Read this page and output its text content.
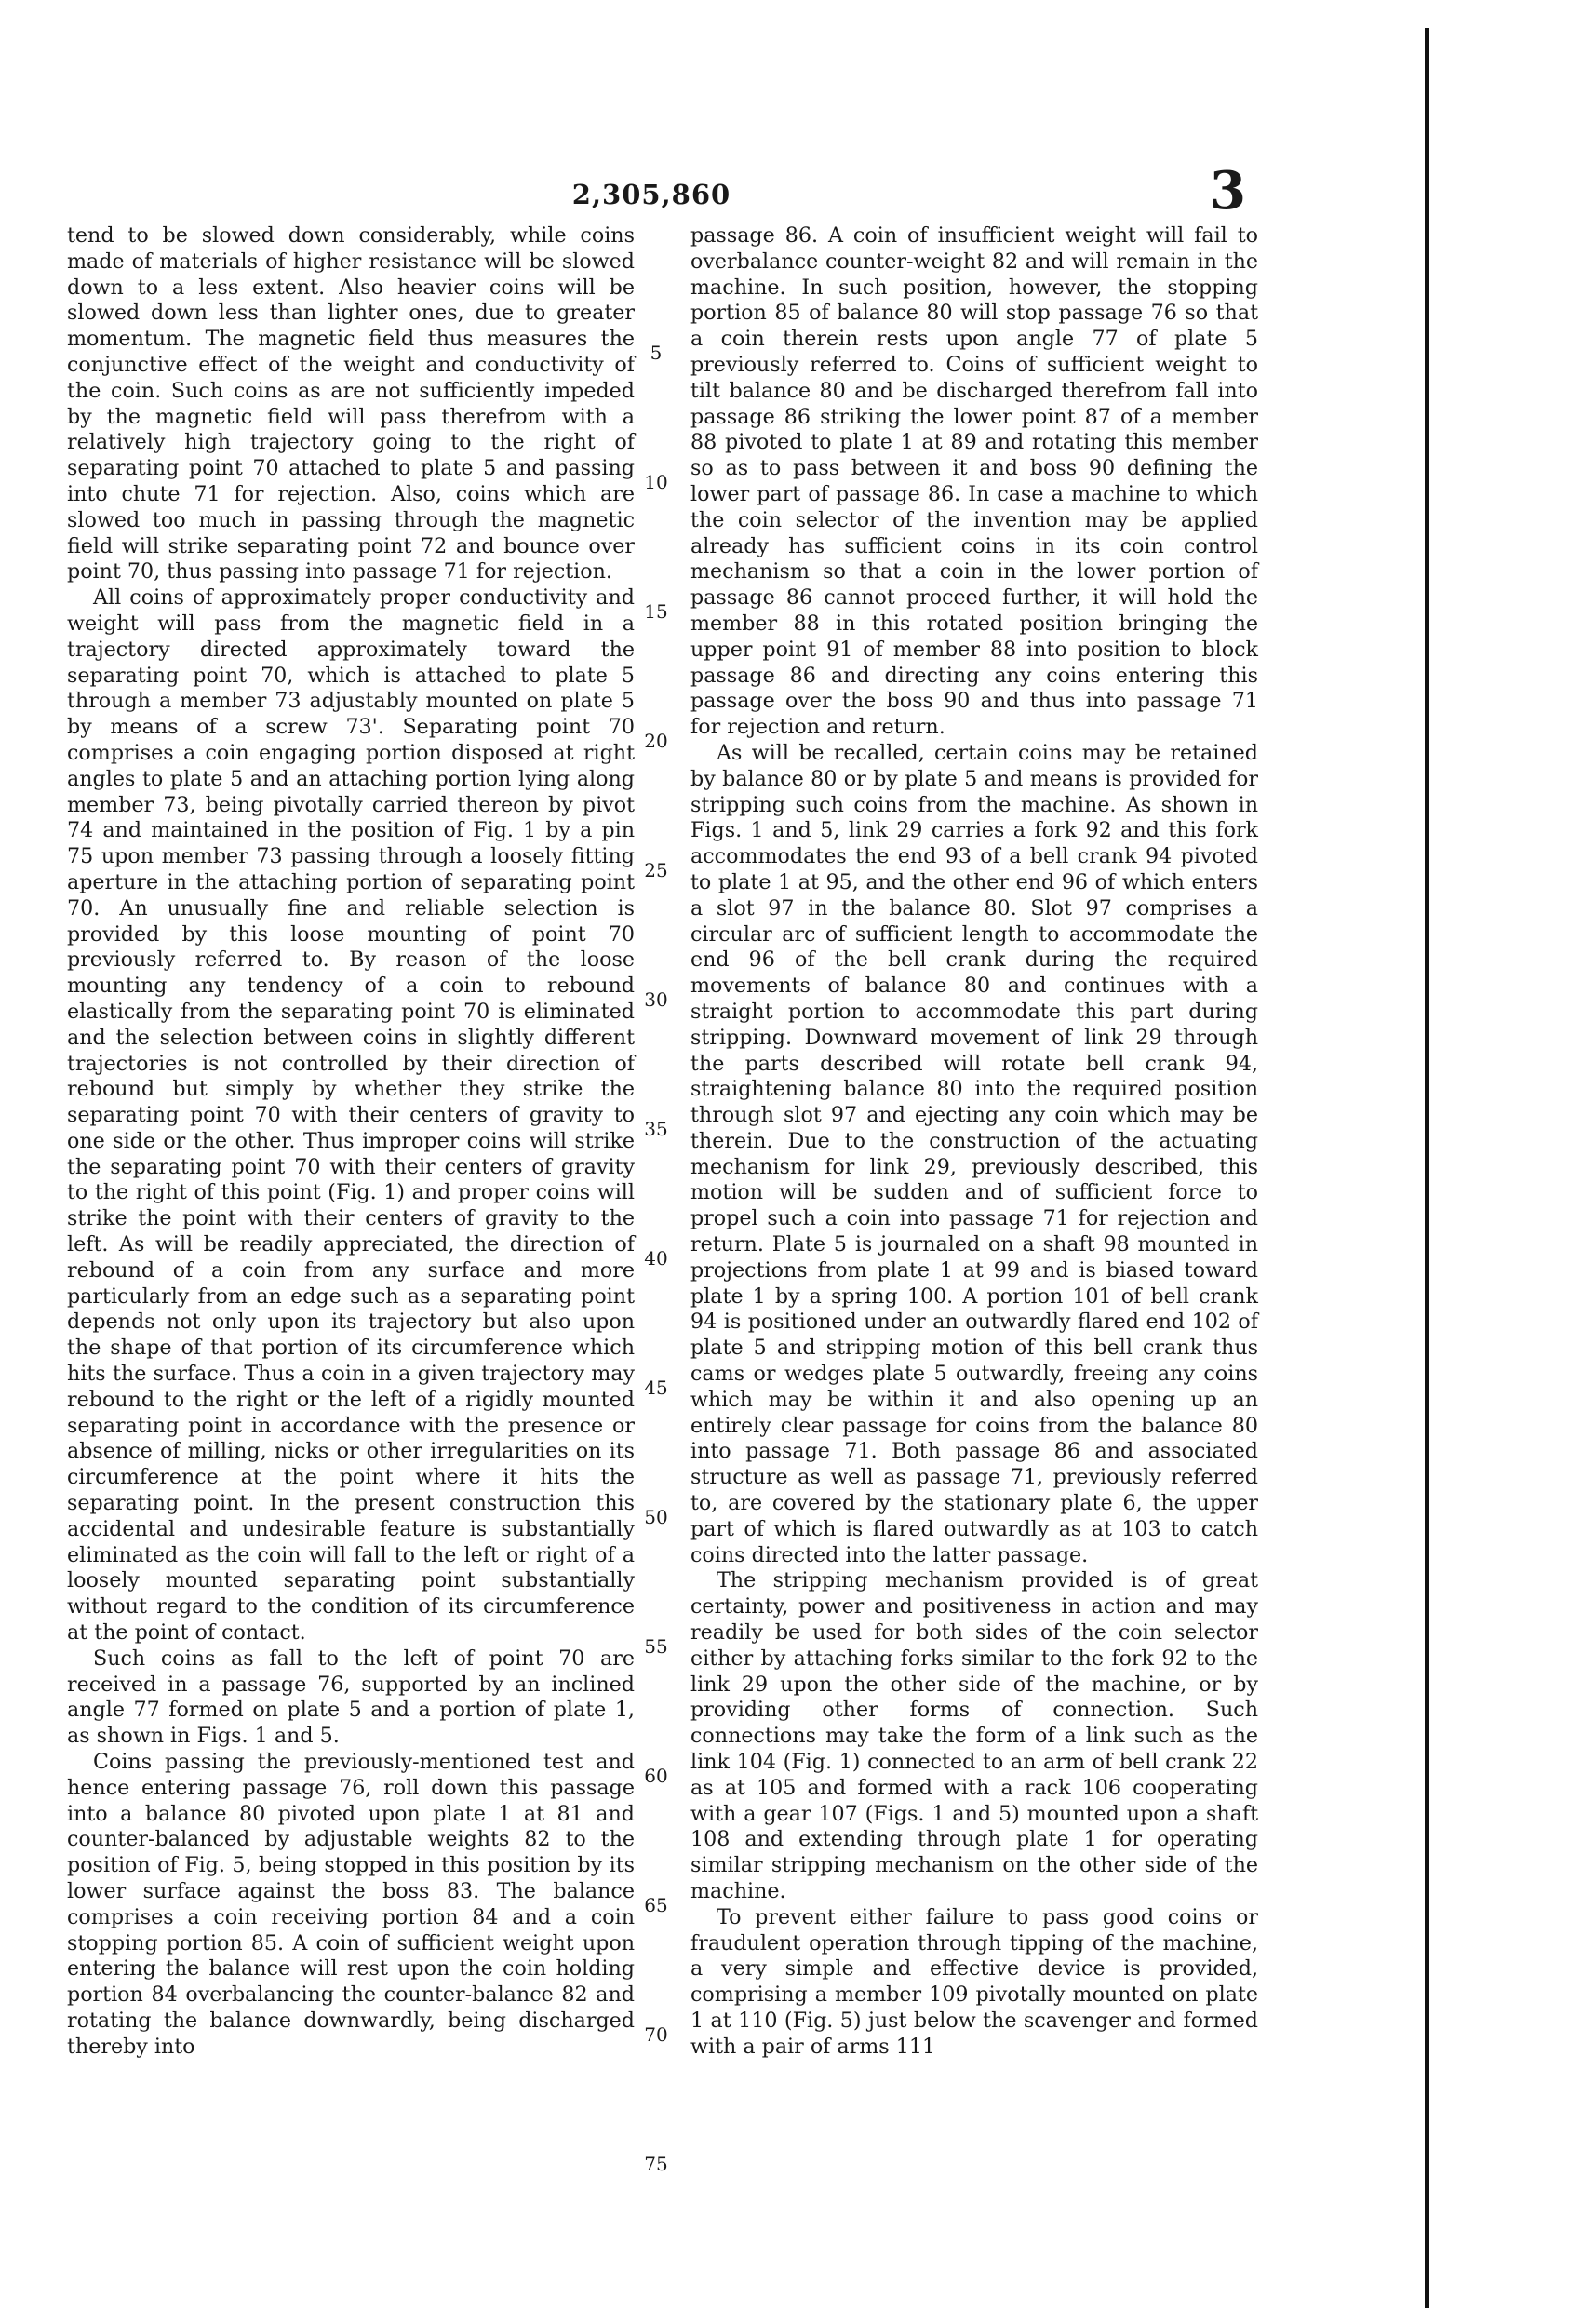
2,305,860	3

tend to be slowed down considerably, while coins made of materials of higher resistance will be slowed down to a less extent. Also heavier coins will be slowed down less than lighter ones, due to greater momentum. The magnetic field thus measures the conjunctive effect of the weight and conductivity of the coin. Such coins as are not sufficiently impeded by the magnetic field will pass therefrom with a relatively high trajectory going to the right of separating point 70 attached to plate 5 and passing into chute 71 for rejection. Also, coins which are slowed too much in passing through the magnetic field will strike separating point 72 and bounce over point 70, thus passing into passage 71 for rejection.

All coins of approximately proper conductivity and weight will pass from the magnetic field in a trajectory directed approximately toward the separating point 70, which is attached to plate 5 through a member 73 adjustably mounted on plate 5 by means of a screw 73'. Separating point 70 comprises a coin engaging portion disposed at right angles to plate 5 and an attaching portion lying along member 73, being pivotally carried thereon by pivot 74 and maintained in the position of Fig. 1 by a pin 75 upon member 73 passing through a loosely fitting aperture in the attaching portion of separating point 70. An unusually fine and reliable selection is provided by this loose mounting of point 70 previously referred to. By reason of the loose mounting any tendency of a coin to rebound elastically from the separating point 70 is eliminated and the selection between coins in slightly different trajectories is not controlled by their direction of rebound but simply by whether they strike the separating point 70 with their centers of gravity to one side or the other. Thus improper coins will strike the separating point 70 with their centers of gravity to the right of this point (Fig. 1) and proper coins will strike the point with their centers of gravity to the left. As will be readily appreciated, the direction of rebound of a coin from any surface and more particularly from an edge such as a separating point depends not only upon its trajectory but also upon the shape of that portion of its circumference which hits the surface. Thus a coin in a given trajectory may rebound to the right or the left of a rigidly mounted separating point in accordance with the presence or absence of milling, nicks or other irregularities on its circumference at the point where it hits the separating point. In the present construction this accidental and undesirable feature is substantially eliminated as the coin will fall to the left or right of a loosely mounted separating point substantially without regard to the condition of its circumference at the point of contact.

Such coins as fall to the left of point 70 are received in a passage 76, supported by an inclined angle 77 formed on plate 5 and a portion of plate 1, as shown in Figs. 1 and 5.

Coins passing the previously-mentioned test and hence entering passage 76, roll down this passage into a balance 80 pivoted upon plate 1 at 81 and counter-balanced by adjustable weights 82 to the position of Fig. 5, being stopped in this position by its lower surface against the boss 83. The balance comprises a coin receiving portion 84 and a coin stopping portion 85. A coin of sufficient weight upon entering the balance will rest upon the coin holding portion 84 overbalancing the counter-balance 82 and rotating the balance downwardly, being discharged thereby into

passage 86. A coin of insufficient weight will fail to overbalance counter-weight 82 and will remain in the machine. In such position, however, the stopping portion 85 of balance 80 will stop passage 76 so that a coin therein rests upon angle 77 of plate 5 previously referred to. Coins of sufficient weight to tilt balance 80 and be discharged therefrom fall into passage 86 striking the lower point 87 of a member 88 pivoted to plate 1 at 89 and rotating this member so as to pass between it and boss 90 defining the lower part of passage 86. In case a machine to which the coin selector of the invention may be applied already has sufficient coins in its coin control mechanism so that a coin in the lower portion of passage 86 cannot proceed further, it will hold the member 88 in this rotated position bringing the upper point 91 of member 88 into position to block passage 86 and directing any coins entering this passage over the boss 90 and thus into passage 71 for rejection and return.

As will be recalled, certain coins may be retained by balance 80 or by plate 5 and means is provided for stripping such coins from the machine. As shown in Figs. 1 and 5, link 29 carries a fork 92 and this fork accommodates the end 93 of a bell crank 94 pivoted to plate 1 at 95, and the other end 96 of which enters a slot 97 in the balance 80. Slot 97 comprises a circular arc of sufficient length to accommodate the end 96 of the bell crank during the required movements of balance 80 and continues with a straight portion to accommodate this part during stripping. Downward movement of link 29 through the parts described will rotate bell crank 94, straightening balance 80 into the required position through slot 97 and ejecting any coin which may be therein. Due to the construction of the actuating mechanism for link 29, previously described, this motion will be sudden and of sufficient force to propel such a coin into passage 71 for rejection and return. Plate 5 is journaled on a shaft 98 mounted in projections from plate 1 at 99 and is biased toward plate 1 by a spring 100. A portion 101 of bell crank 94 is positioned under an outwardly flared end 102 of plate 5 and stripping motion of this bell crank thus cams or wedges plate 5 outwardly, freeing any coins which may be within it and also opening up an entirely clear passage for coins from the balance 80 into passage 71. Both passage 86 and associated structure as well as passage 71, previously referred to, are covered by the stationary plate 6, the upper part of which is flared outwardly as at 103 to catch coins directed into the latter passage.

The stripping mechanism provided is of great certainty, power and positiveness in action and may readily be used for both sides of the coin selector either by attaching forks similar to the fork 92 to the link 29 upon the other side of the machine, or by providing other forms of connection. Such connections may take the form of a link such as the link 104 (Fig. 1) connected to an arm of bell crank 22 as at 105 and formed with a rack 106 cooperating with a gear 107 (Figs. 1 and 5) mounted upon a shaft 108 and extending through plate 1 for operating similar stripping mechanism on the other side of the machine.

To prevent either failure to pass good coins or fraudulent operation through tipping of the machine, a very simple and effective device is provided, comprising a member 109 pivotally mounted on plate 1 at 110 (Fig. 5) just below the scavenger and formed with a pair of arms 111

5
10
15
20
25
30
35
40
45
50
55
60
65
70
75
